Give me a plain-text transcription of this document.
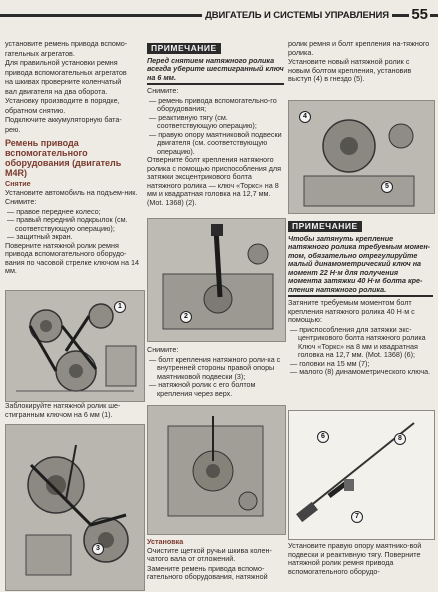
ДВИГАТЕЛЬ И СИСТЕМЫ УПРАВЛЕНИЯ 55

установите ремень привода вспомо-

гательных агрегатов.

Для правильной установки ремня

привода вспомогательных агрегатов

на шкивах проверните коленчатый

вал двигателя на два оборота.

Установку производите в порядке,

обратном снятию.

Подключите аккумуляторную бата-

рею.

Ремень привода вспомогательного оборудования (двигатель M4R)
Снятие

Установите автомобиль на подъем-ник.

Снимите:

— правое переднее колесо;
— правый передний подкрылок (см. соответствующую операцию);
— защитный экран.

Поверните натяжной ролик ремня привода вспомогательного оборудо-вания по часовой стрелке ключом на 14 мм.

1

Заблокируйте натяжной ролик ше-стигранным ключом на 6 мм (1).

3
ПРИМЕЧАНИЕ

Перед снятием натяжного ролика всегда уберите шестигранный ключ на 6 мм.

Снимите:

— ремень привода вспомогательно-го оборудования;
— реактивную тягу (см. соответствующую операцию);
— правую опору маятниковой подвески двигателя (см. соответствующую операцию).

Отверните болт крепления натяжного ролика с помощью приспособления для затяжки эксцентрикового болта натяжного ролика — ключ «Торкс» на 8 мм и квадратная головка на 12,7 мм. (Mot. 1368) (2).

2

Снимите:

— болт крепления натяжного роли-ка с внутренней стороны правой опоры маятниковой подвески (3);
— натяжной ролик с его болтом крепления через верх.
Установка

Очистите щеткой ручьи шкива колен-чатого вала от отложений.

Замените ремень привода вспомо-гательного оборудования, натяжной

ролик ремня и болт крепления на-тяжного ролика.

Установите новый натяжной ролик с новым болтом крепления, установив выступ (4) в гнездо (5).

4
5
ПРИМЕЧАНИЕ

Чтобы затянуть крепление натяжного ролика требуемым момен-том, обязательно отрегулируйте малый динамометрический ключ на момент 22 Н·м для получения момента затяжки 40 Н·м болта кре-пления натяжного ролика.

Затяните требуемым моментом болт крепления натяжного ролика 40 Н·м с помощью:

— приспособления для затяжки экс-центрикового болта натяжного ролика Ключ «Торкс» на 8 мм и квадратная головка на 12,7 мм. (Mot. 1368) (6);
— головки на 15 мм (7);
— малого (8) динамометрического ключа.
6
7
8

Установите правую опору маятнико-вой подвески и реактивную тягу. Поверните натяжной ролик ремня привода вспомогательного оборудо-
